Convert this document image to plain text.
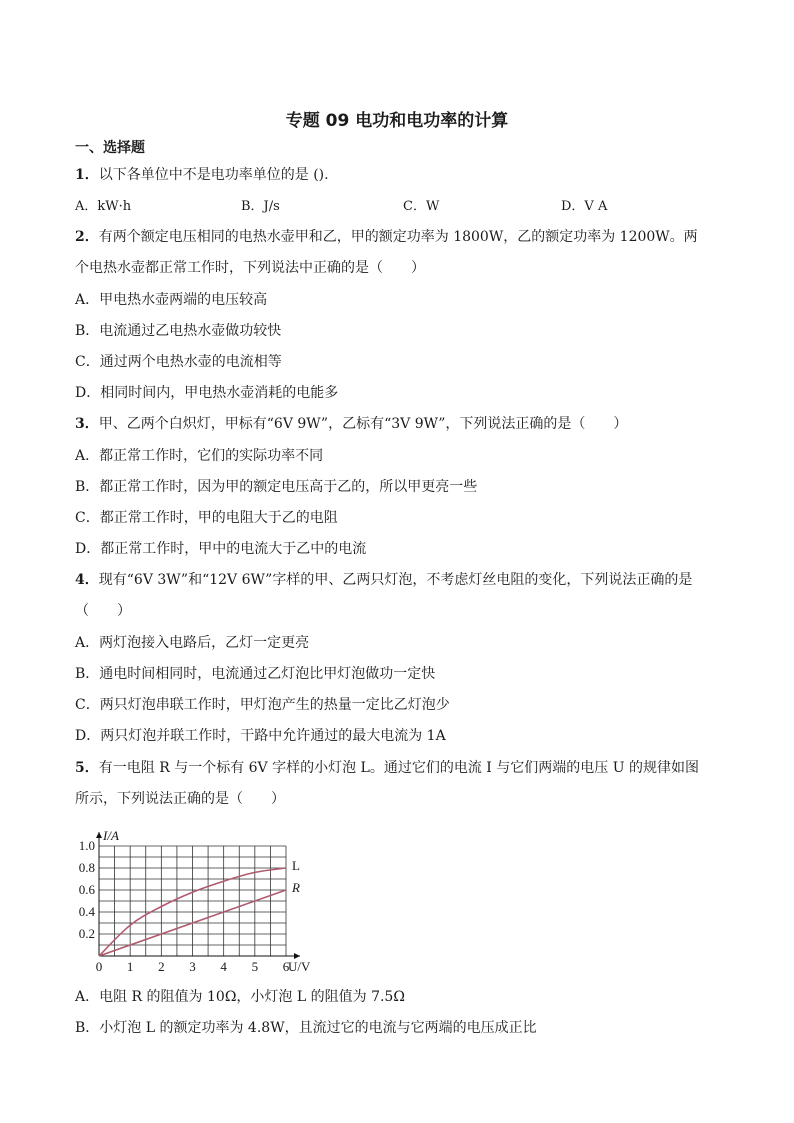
专题 09 电功和电功率的计算
一、选择题
1．以下各单位中不是电功率单位的是 ().
A．kW·h	B．J/s	C．W	D．V A
2．有两个额定电压相同的电热水壶甲和乙，甲的额定功率为 1800W，乙的额定功率为 1200W。两
个电热水壶都正常工作时，下列说法中正确的是（　　）
A．甲电热水壶两端的电压较高
B．电流通过乙电热水壶做功较快
C．通过两个电热水壶的电流相等
D．相同时间内，甲电热水壶消耗的电能多
3．甲、乙两个白炽灯，甲标有“6V 9W”，乙标有“3V 9W”，下列说法正确的是（　　）
A．都正常工作时，它们的实际功率不同
B．都正常工作时，因为甲的额定电压高于乙的，所以甲更亮一些
C．都正常工作时，甲的电阻大于乙的电阻
D．都正常工作时，甲中的电流大于乙中的电流
4．现有“6V 3W”和“12V 6W”字样的甲、乙两只灯泡，不考虑灯丝电阻的变化，下列说法正确的是
（　　）
A．两灯泡接入电路后，乙灯一定更亮
B．通电时间相同时，电流通过乙灯泡比甲灯泡做功一定快
C．两只灯泡串联工作时，甲灯泡产生的热量一定比乙灯泡少
D．两只灯泡并联工作时，干路中允许通过的最大电流为 1A
5．有一电阻 R 与一个标有 6V 字样的小灯泡 L。通过它们的电流 I 与它们两端的电压 U 的规律如图
所示，下列说法正确的是（　　）
0 1 2 3 4 5 6
0.2
0.4
0.6
0.8
1.0
I/A
U/V
L
R
A．电阻 R 的阻值为 10Ω，小灯泡 L 的阻值为 7.5Ω
B．小灯泡 L 的额定功率为 4.8W，且流过它的电流与它两端的电压成正比
